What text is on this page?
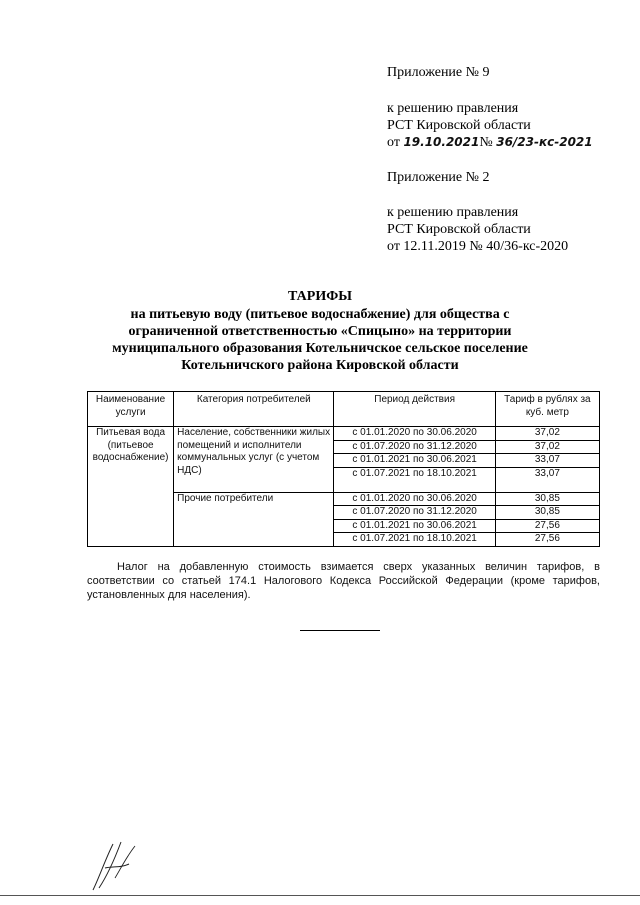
Приложение № 9
к решению правления
РСТ Кировской области
от 19.10.2021№ 36/23-кс-2021
Приложение № 2
к решению правления
РСТ Кировской области
от 12.11.2019 № 40/36-кс-2020
ТАРИФЫ
на питьевую воду (питьевое водоснабжение) для общества с
ограниченной ответственностью «Спицыно» на территории
муниципального образования Котельничское сельское поселение
Котельничского района Кировской области
Наименование услуги	Категория потребителей	Период действия	Тариф в рублях за куб. метр
Питьевая вода (питьевое водоснабжение)	Население, собственники жилых помещений и исполнители коммунальных услуг (с учетом НДС)	с 01.01.2020 по 30.06.2020	37,02
		с 01.07.2020 по 31.12.2020	37,02
		с 01.01.2021 по 30.06.2021	33,07
		с 01.07.2021 по 18.10.2021	33,07
	Прочие потребители	с 01.01.2020 по 30.06.2020	30,85
		с 01.07.2020 по 31.12.2020	30,85
		с 01.01.2021 по 30.06.2021	27,56
		с 01.07.2021 по 18.10.2021	27,56
Налог на добавленную стоимость взимается сверх указанных величин тарифов, в соответствии со статьей 174.1 Налогового Кодекса Российской Федерации (кроме тарифов, установленных для населения).
